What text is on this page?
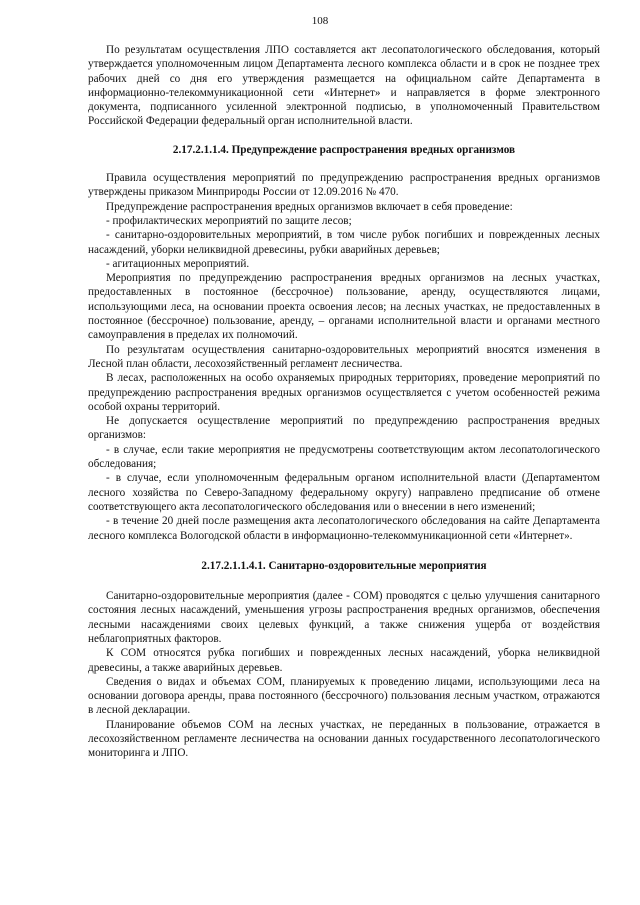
108

По результатам осуществления ЛПО составляется акт лесопатологического обследования, который утверждается уполномоченным лицом Департамента лесного комплекса области и в срок не позднее трех рабочих дней со дня его утверждения размещается на официальном сайте Департамента в информационно-телекоммуникационной сети «Интернет» и направляется в форме электронного документа, подписанного усиленной электронной подписью, в уполномоченный Правительством Российской Федерации федеральный орган исполнительной власти.

2.17.2.1.1.4. Предупреждение распространения вредных организмов

Правила осуществления мероприятий по предупреждению распространения вредных организмов утверждены приказом Минприроды России от 12.09.2016 № 470.

Предупреждение распространения вредных организмов включает в себя проведение:

- профилактических мероприятий по защите лесов;

- санитарно-оздоровительных мероприятий, в том числе рубок погибших и поврежденных лесных насаждений, уборки неликвидной древесины, рубки аварийных деревьев;

- агитационных мероприятий.

Мероприятия по предупреждению распространения вредных организмов на лесных участках, предоставленных в постоянное (бессрочное) пользование, аренду, осуществляются лицами, использующими леса, на основании проекта освоения лесов; на лесных участках, не предоставленных в постоянное (бессрочное) пользование, аренду, – органами исполнительной власти и органами местного самоуправления в пределах их полномочий.

По результатам осуществления санитарно-оздоровительных мероприятий вносятся изменения в Лесной план области, лесохозяйственный регламент лесничества.

В лесах, расположенных на особо охраняемых природных территориях, проведение мероприятий по предупреждению распространения вредных организмов осуществляется с учетом особенностей режима особой охраны территорий.

Не допускается осуществление мероприятий по предупреждению распространения вредных организмов:

- в случае, если такие мероприятия не предусмотрены соответствующим актом лесопатологического обследования;

- в случае, если уполномоченным федеральным органом исполнительной власти (Департаментом лесного хозяйства по Северо-Западному федеральному округу) направлено предписание об отмене соответствующего акта лесопатологического обследования или о внесении в него изменений;

- в течение 20 дней после размещения акта лесопатологического обследования на сайте Департамента лесного комплекса Вологодской области в информационно-телекоммуникационной сети «Интернет».

2.17.2.1.1.4.1. Санитарно-оздоровительные мероприятия

Санитарно-оздоровительные мероприятия (далее - СОМ) проводятся с целью улучшения санитарного состояния лесных насаждений, уменьшения угрозы распространения вредных организмов, обеспечения лесными насаждениями своих целевых функций, а также снижения ущерба от воздействия неблагоприятных факторов.

К СОМ относятся рубка погибших и поврежденных лесных насаждений, уборка неликвидной древесины, а также аварийных деревьев.

Сведения о видах и объемах СОМ, планируемых к проведению лицами, использующими леса на основании договора аренды, права постоянного (бессрочного) пользования лесным участком, отражаются в лесной декларации.

Планирование объемов СОМ на лесных участках, не переданных в пользование, отражается в лесохозяйственном регламенте лесничества на основании данных государственного лесопатологического мониторинга и ЛПО.
